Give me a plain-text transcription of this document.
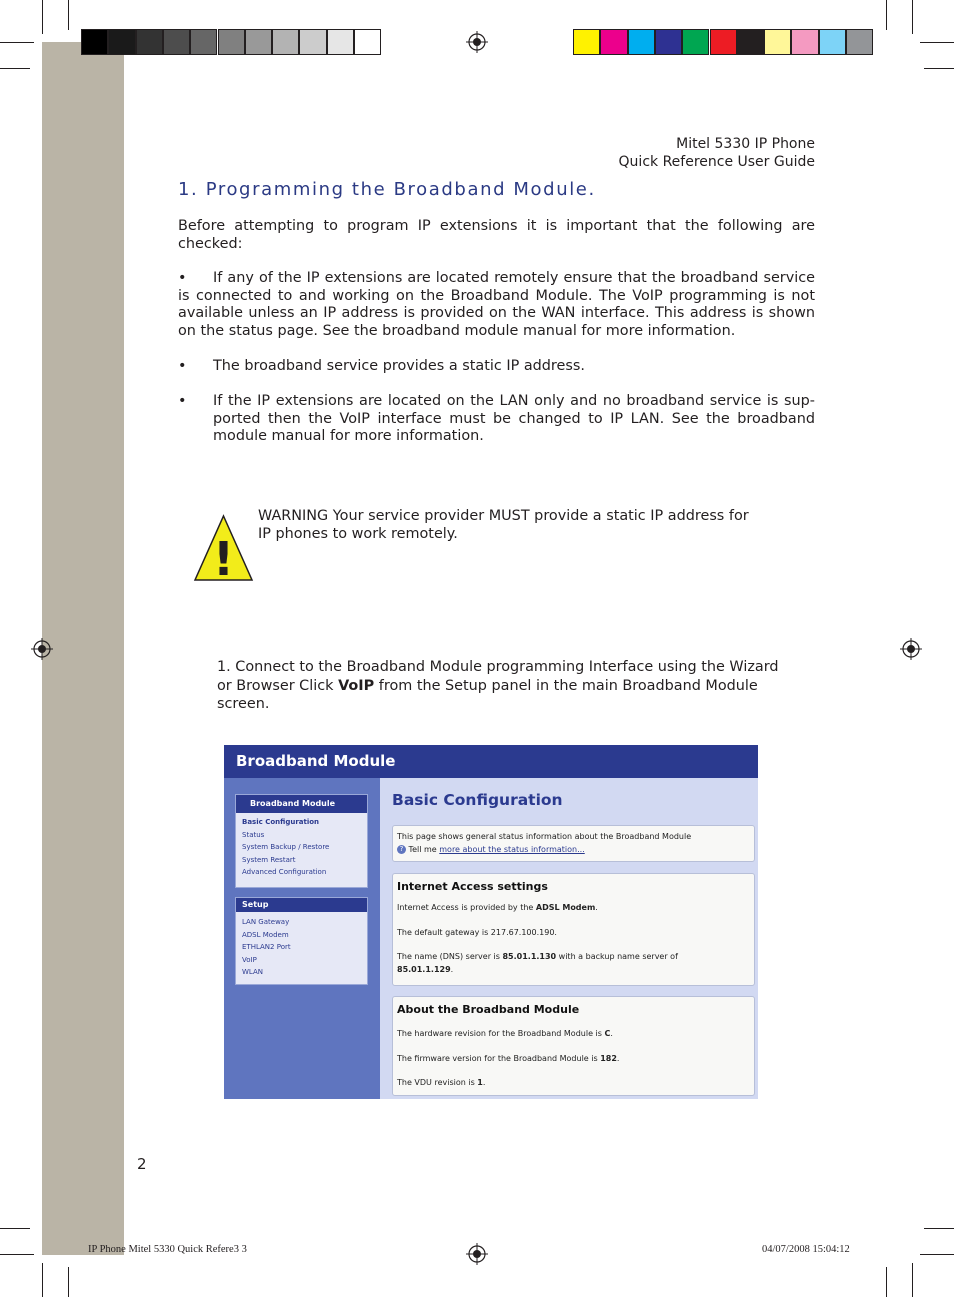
Mitel 5330 IP Phone
Quick Reference User Guide
1. Programming the Broadband Module.
Before attempting to program IP extensions it is important that the following are checked:
• If any of the IP extensions are located remotely ensure that the broadband service is connected to and working on the Broadband Module. The VoIP programming is not available unless an IP address is provided on the WAN interface. This address is shown on the status page. See the broadband module manual for more information.
• The broadband service provides a static IP address.
• If the IP extensions are located on the LAN only and no broadband service is sup- ported then the VoIP interface must be changed to IP LAN. See the broadband module manual for more information.
!
WARNING Your service provider MUST provide a static IP address for
IP phones to work remotely.
1. Connect to the Broadband Module programming Interface using the Wizard
or Browser Click VoIP from the Setup panel in the main Broadband Module
screen.
Broadband Module
Broadband Module
Basic Configuration
Status
System Backup / Restore
System Restart
Advanced Configuration
Setup
LAN Gateway
ADSL Modem
ETHLAN2 Port
VoIP
WLAN
Basic Configuration
This page shows general status information about the Broadband Module
? Tell me more about the status information...
Internet Access settings
Internet Access is provided by the ADSL Modem.
The default gateway is 217.67.100.190.
The name (DNS) server is 85.01.1.130 with a backup name server of
85.01.1.129.
About the Broadband Module
The hardware revision for the Broadband Module is C.
The firmware version for the Broadband Module is 182.
The VDU revision is 1.
2
IP Phone Mitel 5330 Quick Refere3 3	04/07/2008 15:04:12
